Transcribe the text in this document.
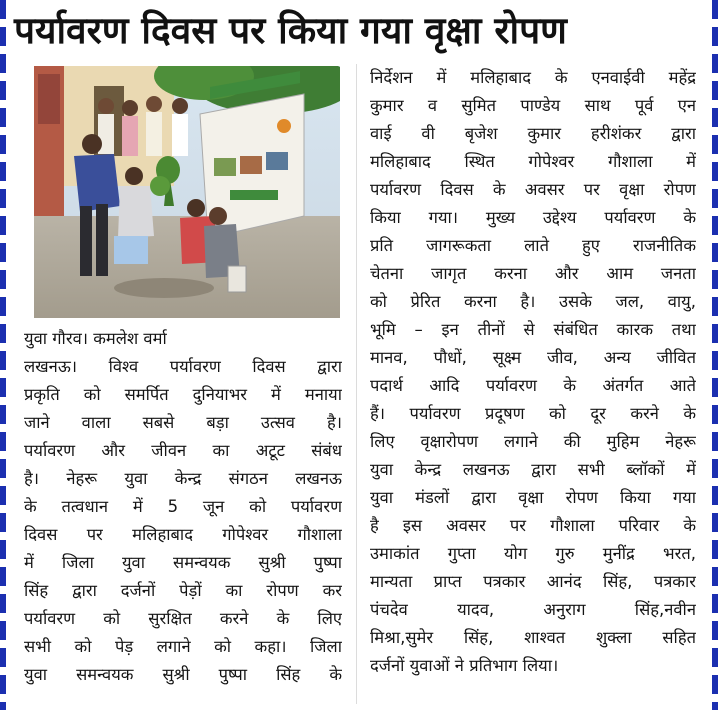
पर्यावरण दिवस पर किया गया वृक्षा रोपण

युवा गौरव। कमलेश वर्मा

लखनऊ। विश्व पर्यावरण दिवस द्वारा
प्रकृति को समर्पित दुनियाभर में मनाया
जाने वाला सबसे बड़ा उत्सव है।
पर्यावरण और जीवन का अटूट संबंध
है। नेहरू युवा केन्द्र संगठन लखनऊ
के तत्वधान में 5 जून को पर्यावरण
दिवस पर मलिहाबाद गोपेश्वर गौशाला
में जिला युवा समन्वयक सुश्री पुष्पा
सिंह द्वारा दर्जनों पेड़ों का रोपण कर
पर्यावरण को सुरक्षित करने के लिए
सभी को पेड़ लगाने को कहा। जिला
युवा समन्वयक सुश्री पुष्पा सिंह के
निर्देशन में मलिहाबाद के एनवाईवी महेंद्र
कुमार व सुमित पाण्डेय साथ पूर्व एन
वाई वी बृजेश कुमार हरीशंकर द्वारा
मलिहाबाद स्थित गोपेश्वर गौशाला में
पर्यावरण दिवस के अवसर पर वृक्षा रोपण
किया गया। मुख्य उद्देश्य पर्यावरण के
प्रति जागरूकता लाते हुए राजनीतिक
चेतना जागृत करना और आम जनता
को प्रेरित करना है। उसके जल, वायु,
भूमि – इन तीनों से संबंधित कारक तथा
मानव, पौधों, सूक्ष्म जीव, अन्य जीवित
पदार्थ आदि पर्यावरण के अंतर्गत आते
हैं। पर्यावरण प्रदूषण को दूर करने के
लिए वृक्षारोपण लगाने की मुहिम नेहरू
युवा केन्द्र लखनऊ द्वारा सभी ब्लॉकों में
युवा मंडलों द्वारा वृक्षा रोपण किया गया
है इस अवसर पर गौशाला परिवार के
उमाकांत गुप्ता योग गुरु मुनींद्र भरत,
मान्यता प्राप्त पत्रकार आनंद सिंह, पत्रकार
पंचदेव यादव, अनुराग सिंह,नवीन
मिश्रा,सुमेर सिंह, शाश्वत शुक्ला सहित
दर्जनों युवाओं ने प्रतिभाग लिया।
